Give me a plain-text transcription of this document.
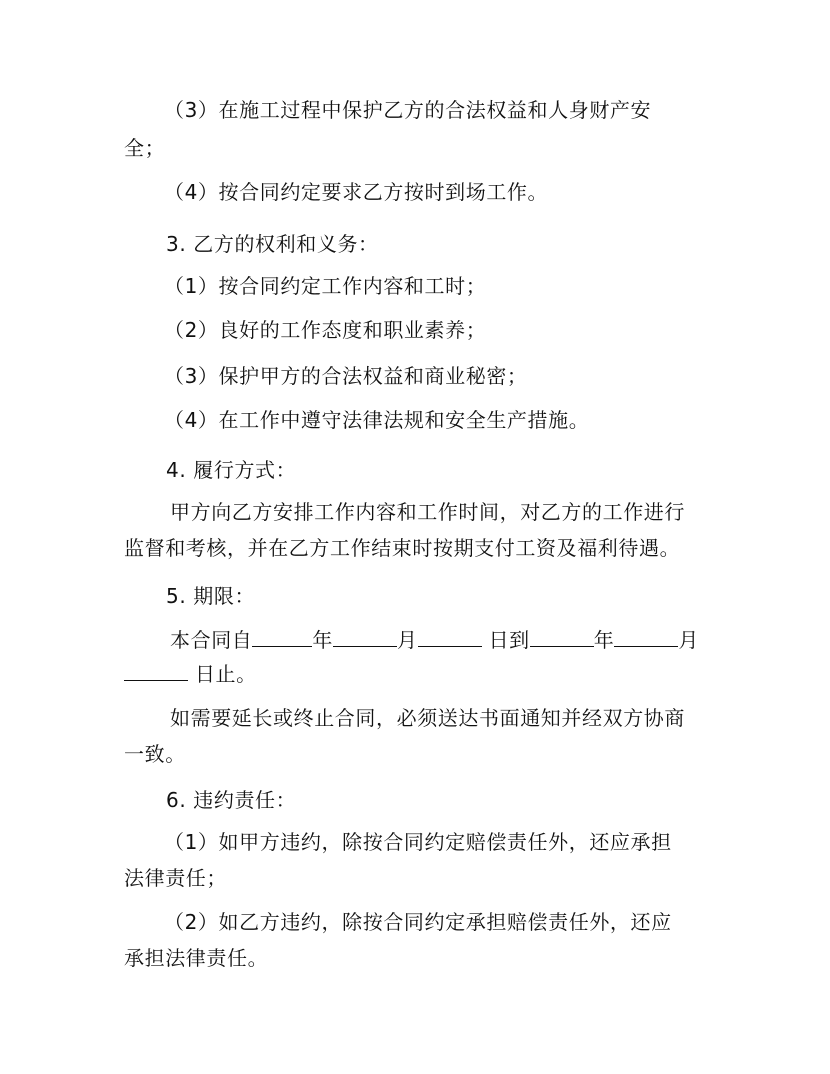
（3）在施工过程中保护乙方的合法权益和人身财产安
全；
（4）按合同约定要求乙方按时到场工作。
3. 乙方的权利和义务：
（1）按合同约定工作内容和工时；
（2）良好的工作态度和职业素养；
（3）保护甲方的合法权益和商业秘密；
（4）在工作中遵守法律法规和安全生产措施。
4. 履行方式：
甲方向乙方安排工作内容和工作时间，对乙方的工作进行
监督和考核，并在乙方工作结束时按期支付工资及福利待遇。
5. 期限：
本合同自	年	月	日到	年	月
日止。
如需要延长或终止合同，必须送达书面通知并经双方协商
一致。
6. 违约责任：
（1）如甲方违约，除按合同约定赔偿责任外，还应承担
法律责任；
（2）如乙方违约，除按合同约定承担赔偿责任外，还应
承担法律责任。
